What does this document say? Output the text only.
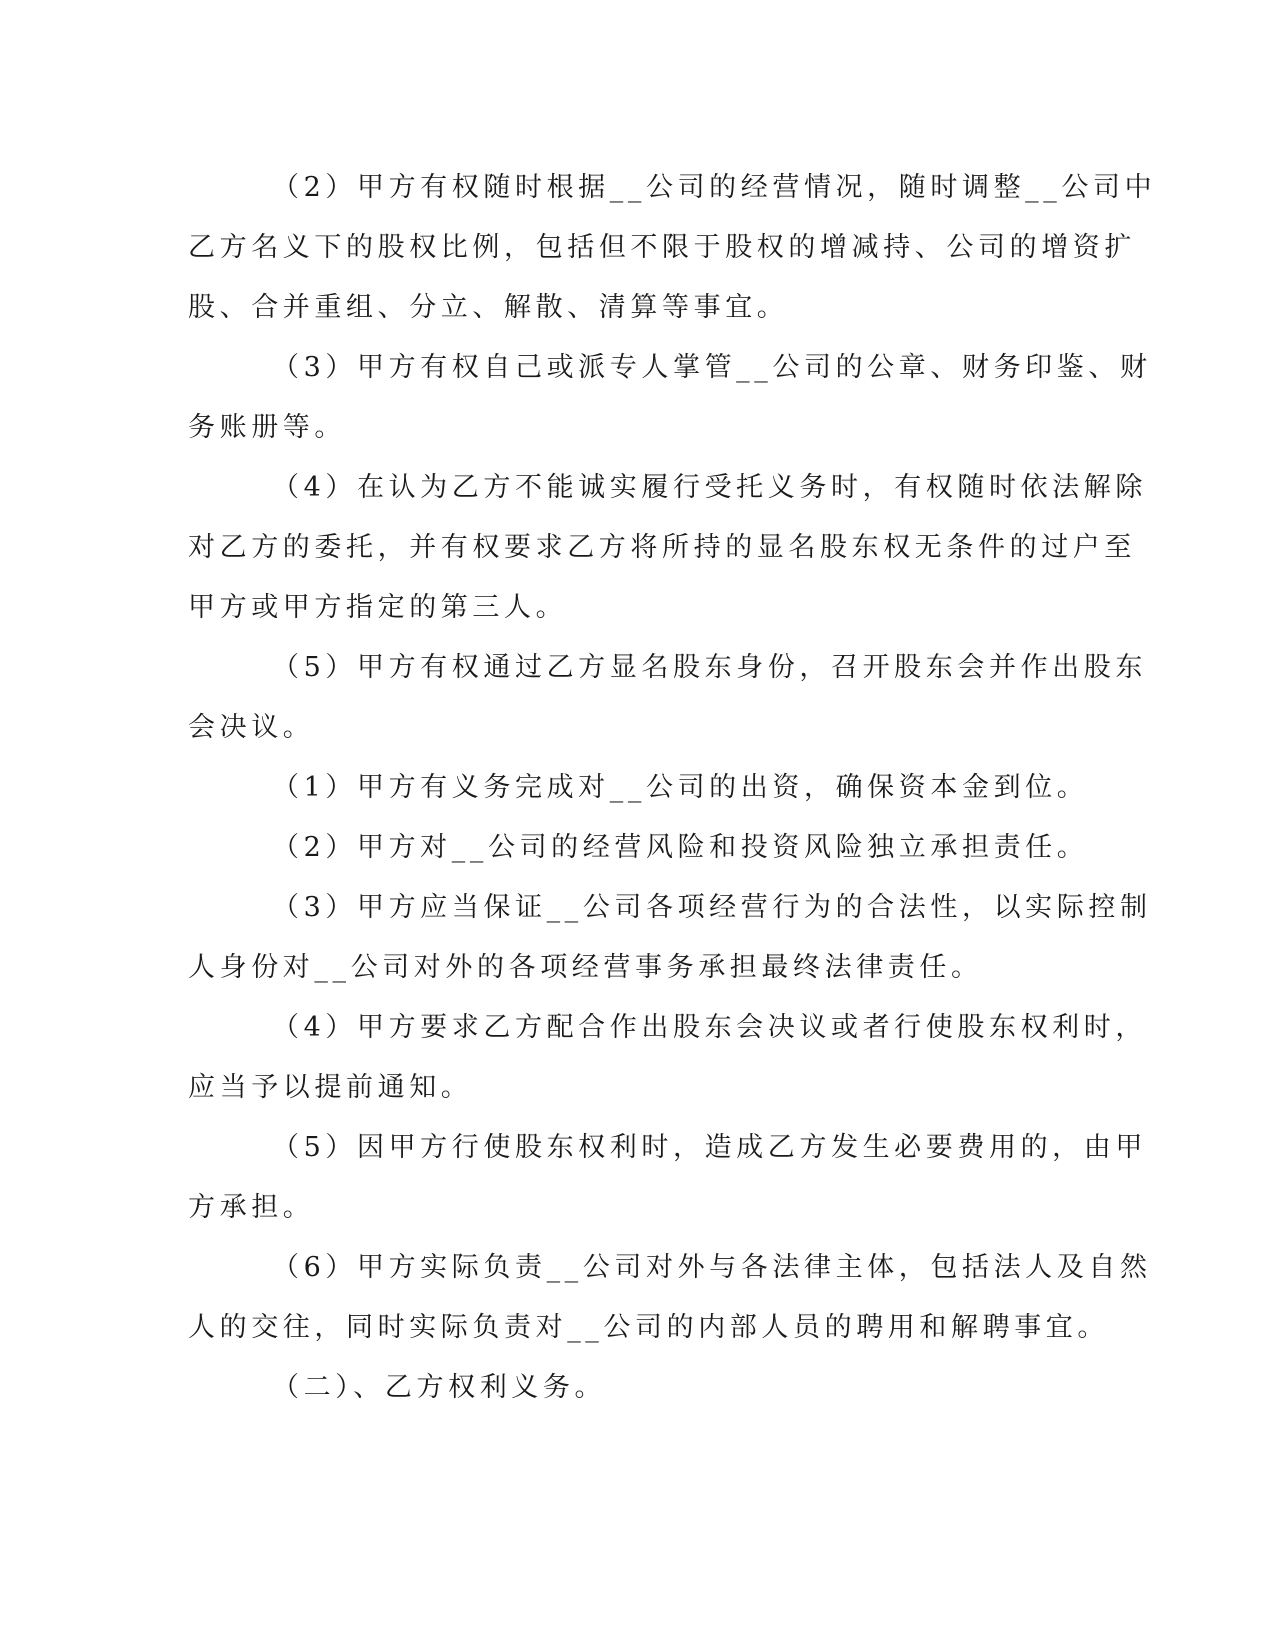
（2）甲方有权随时根据__公司的经营情况，随时调整__公司中
乙方名义下的股权比例，包括但不限于股权的增减持、公司的增资扩
股、合并重组、分立、解散、清算等事宜。

（3）甲方有权自己或派专人掌管__公司的公章、财务印鉴、财
务账册等。

（4）在认为乙方不能诚实履行受托义务时，有权随时依法解除
对乙方的委托，并有权要求乙方将所持的显名股东权无条件的过户至
甲方或甲方指定的第三人。

（5）甲方有权通过乙方显名股东身份，召开股东会并作出股东
会决议。

（1）甲方有义务完成对__公司的出资，确保资本金到位。

（2）甲方对__公司的经营风险和投资风险独立承担责任。

（3）甲方应当保证__公司各项经营行为的合法性，以实际控制
人身份对__公司对外的各项经营事务承担最终法律责任。

（4）甲方要求乙方配合作出股东会决议或者行使股东权利时，
应当予以提前通知。

（5）因甲方行使股东权利时，造成乙方发生必要费用的，由甲
方承担。

（6）甲方实际负责__公司对外与各法律主体，包括法人及自然
人的交往，同时实际负责对__公司的内部人员的聘用和解聘事宜。

（二）、乙方权利义务。
